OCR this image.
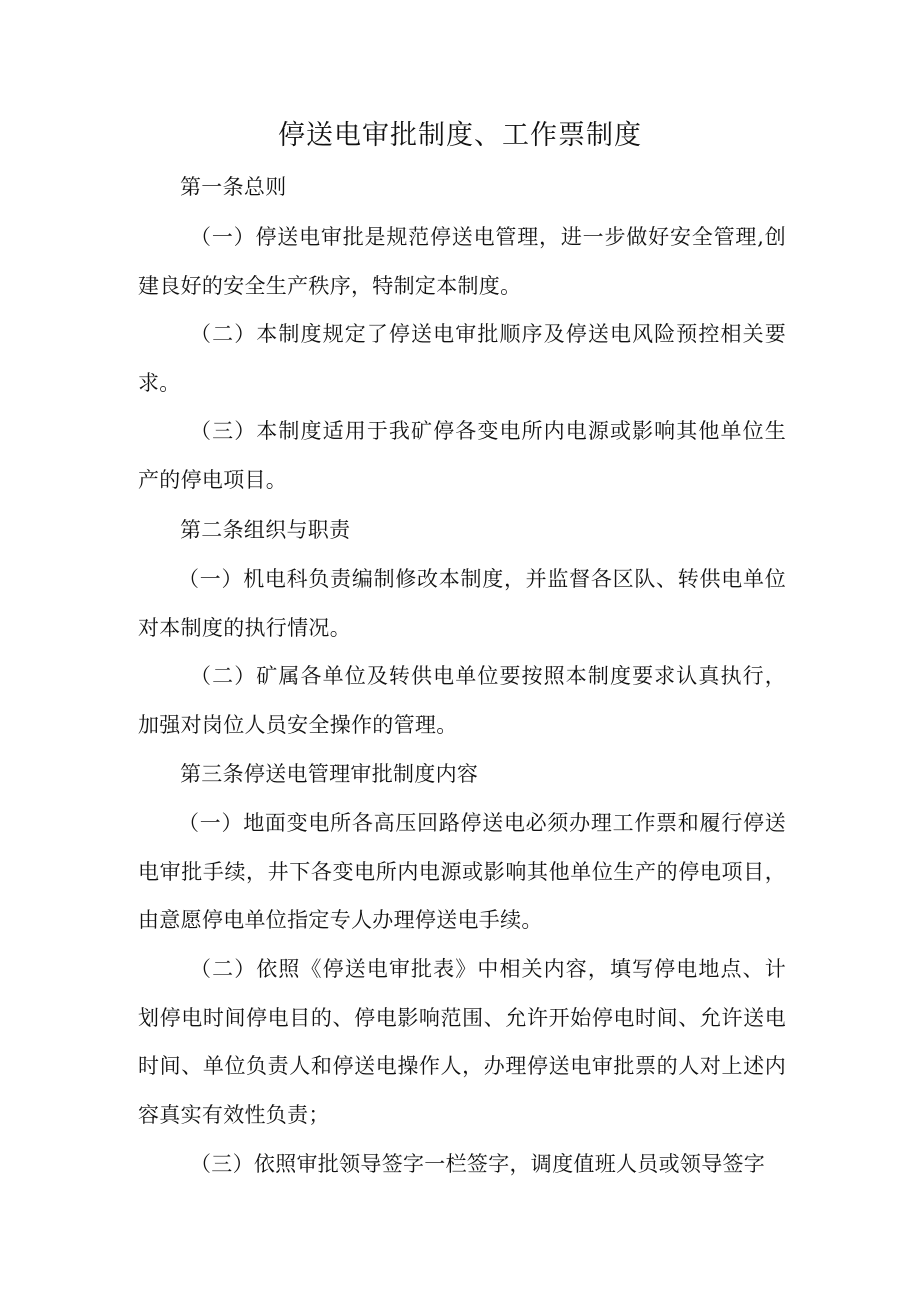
停送电审批制度、工作票制度

第一条总则

（一）停送电审批是规范停送电管理，进一步做好安全管理,创建良好的安全生产秩序，特制定本制度。

（二）本制度规定了停送电审批顺序及停送电风险预控相关要求。

（三）本制度适用于我矿停各变电所内电源或影响其他单位生产的停电项目。

第二条组织与职责

（一）机电科负责编制修改本制度，并监督各区队、转供电单位对本制度的执行情况。

（二）矿属各单位及转供电单位要按照本制度要求认真执行，加强对岗位人员安全操作的管理。

第三条停送电管理审批制度内容

（一）地面变电所各高压回路停送电必须办理工作票和履行停送电审批手续，井下各变电所内电源或影响其他单位生产的停电项目，由意愿停电单位指定专人办理停送电手续。

（二）依照《停送电审批表》中相关内容，填写停电地点、计划停电时间停电目的、停电影响范围、允许开始停电时间、允许送电时间、单位负责人和停送电操作人，办理停送电审批票的人对上述内容真实有效性负责；

（三）依照审批领导签字一栏签字，调度值班人员或领导签字
